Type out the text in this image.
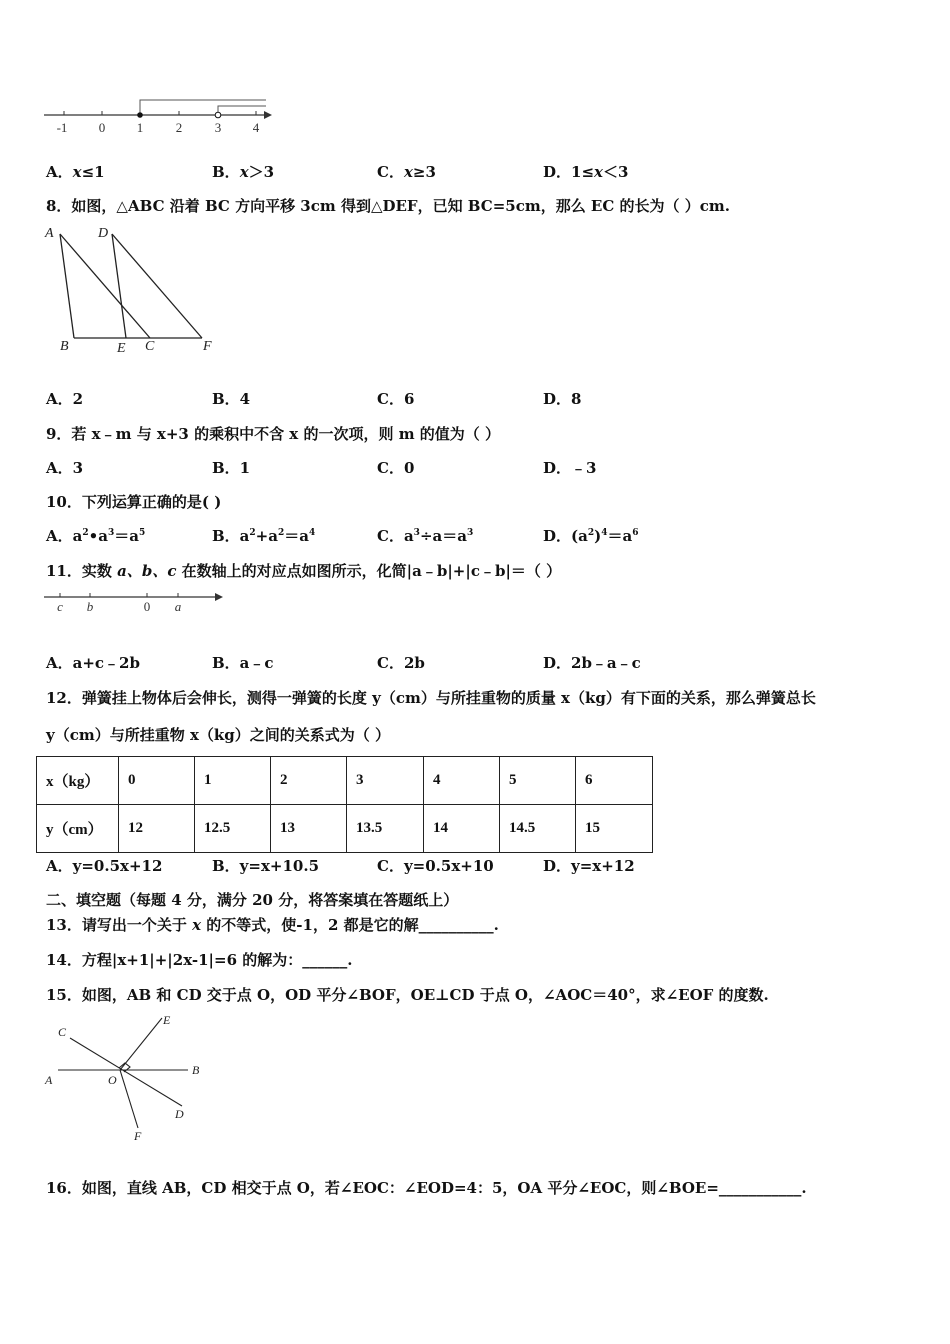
-1 0 1	2	3 4
A．x≤1	B．x＞3	C．x≥3	D．1≤x＜3
8．如图，△ABC 沿着 BC 方向平移 3cm 得到△DEF，已知 BC=5cm，那么 EC 的长为（ ）cm.
A	D
B	E C	F
A．2	B．4	C．6	D．8
9．若 x﹣m 与 x+3 的乘积中不含 x 的一次项，则 m 的值为（ ）
A．3	B．1	C．0	D．﹣3
10．下列运算正确的是( )
A．$a^2•a^3=a^5$	B．$a^2+a^2=a^4$	C．$a^3\div a=a^3$	D．$(a^2)^4=a^6$
11．实数 a、b、c 在数轴上的对应点如图所示，化简|a﹣b|+|c﹣b|＝（ ）
c b	0 a
A．a+c﹣2b	B．a﹣c	C．2b	D．2b﹣a﹣c
12．弹簧挂上物体后会伸长，测得一弹簧的长度 y（cm）与所挂重物的质量 x（kg）有下面的关系，那么弹簧总长
y（cm）与所挂重物 x（kg）之间的关系式为（ ）
x（kg）	0	1	2	3	4	5	6
y（cm）	12	12.5	13	13.5	14	14.5	15
A．y=0.5x+12	B．y=x+10.5	C．y=0.5x+10	D．y=x+12
二、填空题（每题 4 分，满分 20 分，将答案填在答题纸上）
13．请写出一个关于 x 的不等式，使-1，2 都是它的解__________.
14．方程|x+1|+|2x-1|=6 的解为：______.
15．如图，AB 和 CD 交于点 O，OD 平分∠BOF，OE⊥CD 于点 O，∠AOC＝40°，求∠EOF 的度数.
C
E
A	O
B
D
F
16．如图，直线 AB，CD 相交于点 O，若∠EOC：∠EOD=4：5，OA 平分∠EOC，则∠BOE=___________.
